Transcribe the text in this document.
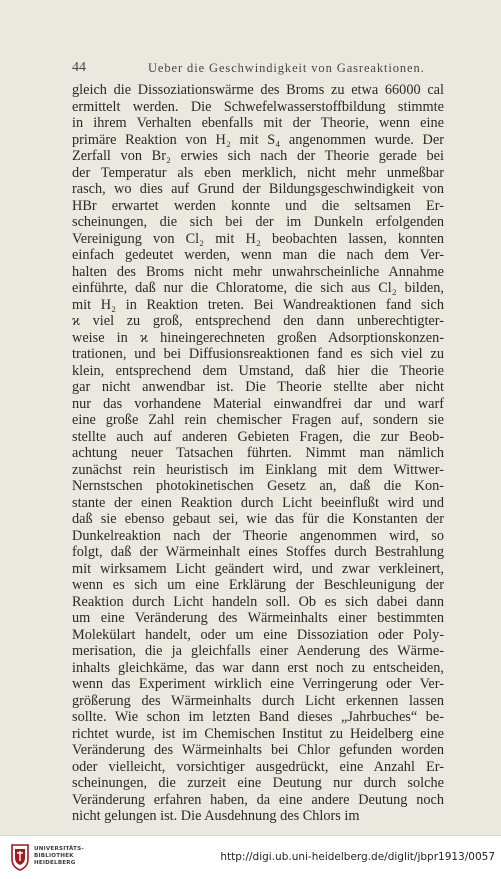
44	Ueber die Geschwindigkeit von Gasreaktionen.
gleich die Dissoziationswärme des Broms zu etwa 66000 cal
ermittelt werden. Die Schwefelwasserstoffbildung stimmte
in ihrem Verhalten ebenfalls mit der Theorie, wenn eine
primäre Reaktion von H₂ mit S₄ angenommen wurde. Der
Zerfall von Br₂ erwies sich nach der Theorie gerade bei
der Temperatur als eben merklich, nicht mehr unmeßbar
rasch, wo dies auf Grund der Bildungsgeschwindigkeit von
HBr erwartet werden konnte und die seltsamen Er-
scheinungen, die sich bei der im Dunkeln erfolgenden
Vereinigung von Cl₂ mit H₂ beobachten lassen, konnten
einfach gedeutet werden, wenn man die nach dem Ver-
halten des Broms nicht mehr unwahrscheinliche Annahme
einführte, daß nur die Chloratome, die sich aus Cl₂ bilden,
mit H₂ in Reaktion treten. Bei Wandreaktionen fand sich
ϰ viel zu groß, entsprechend den dann unberechtigter-
weise in ϰ hineingerechneten großen Adsorptionskonzen-
trationen, und bei Diffusionsreaktionen fand es sich viel zu
klein, entsprechend dem Umstand, daß hier die Theorie
gar nicht anwendbar ist. Die Theorie stellte aber nicht
nur das vorhandene Material einwandfrei dar und warf
eine große Zahl rein chemischer Fragen auf, sondern sie
stellte auch auf anderen Gebieten Fragen, die zur Beob-
achtung neuer Tatsachen führten. Nimmt man nämlich
zunächst rein heuristisch im Einklang mit dem Wittwer-
Nernstschen photokinetischen Gesetz an, daß die Kon-
stante der einen Reaktion durch Licht beeinflußt wird und
daß sie ebenso gebaut sei, wie das für die Konstanten der
Dunkelreaktion nach der Theorie angenommen wird, so
folgt, daß der Wärmeinhalt eines Stoffes durch Bestrahlung
mit wirksamem Licht geändert wird, und zwar verkleinert,
wenn es sich um eine Erklärung der Beschleunigung der
Reaktion durch Licht handeln soll. Ob es sich dabei dann
um eine Veränderung des Wärmeinhalts einer bestimmten
Molekülart handelt, oder um eine Dissoziation oder Poly-
merisation, die ja gleichfalls einer Aenderung des Wärme-
inhalts gleichkäme, das war dann erst noch zu entscheiden,
wenn das Experiment wirklich eine Verringerung oder Ver-
größerung des Wärmeinhalts durch Licht erkennen lassen
sollte. Wie schon im letzten Band dieses „Jahrbuches“ be-
richtet wurde, ist im Chemischen Institut zu Heidelberg eine
Veränderung des Wärmeinhalts bei Chlor gefunden worden
oder vielleicht, vorsichtiger ausgedrückt, eine Anzahl Er-
scheinungen, die zurzeit eine Deutung nur durch solche
Veränderung erfahren haben, da eine andere Deutung noch
nicht gelungen ist. Die Ausdehnung des Chlors im
UNIVERSITÄTS-
BIBLIOTHEK
HEIDELBERG	http://digi.ub.uni-heidelberg.de/diglit/jbpr1913/0057
